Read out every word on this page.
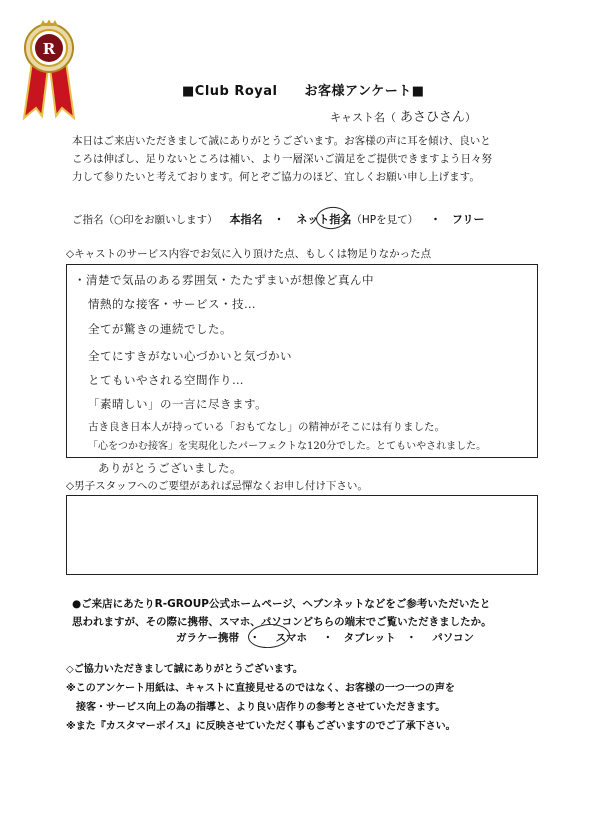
R
■Club Royal　　お客様アンケート■
キャスト名（ あさひさん）
本日はご来店いただきまして誠にありがとうございます。お客様の声に耳を傾け、良いと
ころは伸ばし、足りないところは補い、より一層深いご満足をご提供できますよう日々努
力して参りたいと考えております。何とぞご協力のほど、宜しくお願い申し上げます。
ご指名（○印をお願いします） 本指名　・ ネット指名（HPを見て） ・　フリー
◇キャストのサービス内容でお気に入り頂けた点、もしくは物足りなかった点
・清楚で気品のある雰囲気・たたずまいが想像ど真ん中
情熱的な接客・サービス・技…
全てが驚きの連続でした。
全てにすきがない心づかいと気づかい
とてもいやされる空間作り…
「素晴しい」の一言に尽きます。
古き良き日本人が持っている「おもてなし」の精神がそこには有りました。
「心をつかむ接客」を実現化したパーフェクトな120分でした。とてもいやされました。
ありがとうございました。
◇男子スタッフへのご要望があれば忌憚なくお申し付け下さい。
●ご来店にあたりR-GROUP公式ホームページ、ヘブンネットなどをご参考いただいたと
思われますが、その際に携帯、スマホ、パソコンどちらの端末でご覧いただきましたか。
ガラケー携帯　・ スマホ ・　タブレット　・ パソコン
◇ご協力いただきまして誠にありがとうございます。
※このアンケート用紙は、キャストに直接見せるのではなく、お客様の一つ一つの声を
　接客・サービス向上の為の指導と、より良い店作りの参考とさせていただきます。
※また『カスタマーボイス』に反映させていただく事もございますのでご了承下さい。
